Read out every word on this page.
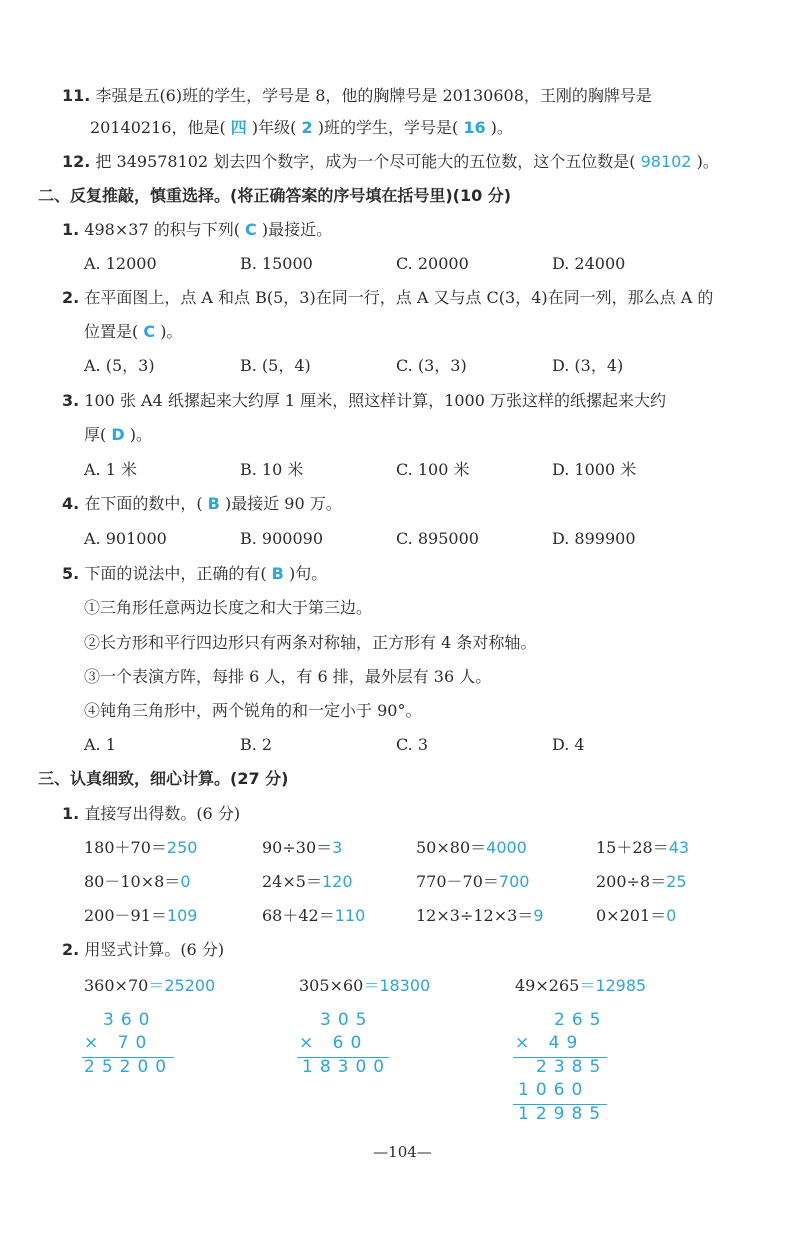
11. 李强是五(6)班的学生，学号是 8，他的胸牌号是 20130608，王刚的胸牌号是
20140216，他是( 四 )年级( 2 )班的学生，学号是( 16 )。
12. 把 349578102 划去四个数字，成为一个尽可能大的五位数，这个五位数是( 98102 )。
二、反复推敲，慎重选择。(将正确答案的序号填在括号里)(10 分)
1. 498×37 的积与下列( C )最接近。
A. 12000	B. 15000	C. 20000	D. 24000
2. 在平面图上，点 A 和点 B(5，3)在同一行，点 A 又与点 C(3，4)在同一列，那么点 A 的
位置是( C )。
A. (5，3)	B. (5，4)	C. (3，3)	D. (3，4)
3. 100 张 A4 纸摞起来大约厚 1 厘米，照这样计算，1000 万张这样的纸摞起来大约
厚( D )。
A. 1 米	B. 10 米	C. 100 米	D. 1000 米
4. 在下面的数中，( B )最接近 90 万。
A. 901000	B. 900090	C. 895000	D. 899900
5. 下面的说法中，正确的有( B )句。
①三角形任意两边长度之和大于第三边。
②长方形和平行四边形只有两条对称轴，正方形有 4 条对称轴。
③一个表演方阵，每排 6 人，有 6 排，最外层有 36 人。
④钝角三角形中，两个锐角的和一定小于 90°。
A. 1	B. 2	C. 3	D. 4
三、认真细致，细心计算。(27 分)
1. 直接写出得数。(6 分)
180＋70＝250	90÷30＝3	50×80＝4000	15＋28＝43
80－10×8＝0	24×5＝120	770－70＝700	200÷8＝25
200－91＝109	68＋42＝110	12×3÷12×3＝9	0×201＝0
2. 用竖式计算。(6 分)
360×70＝25200	305×60＝18300	49×265＝12985
360
× 70
25200
305
× 60
18300
265
× 49
2385
1060
12985
—104—
